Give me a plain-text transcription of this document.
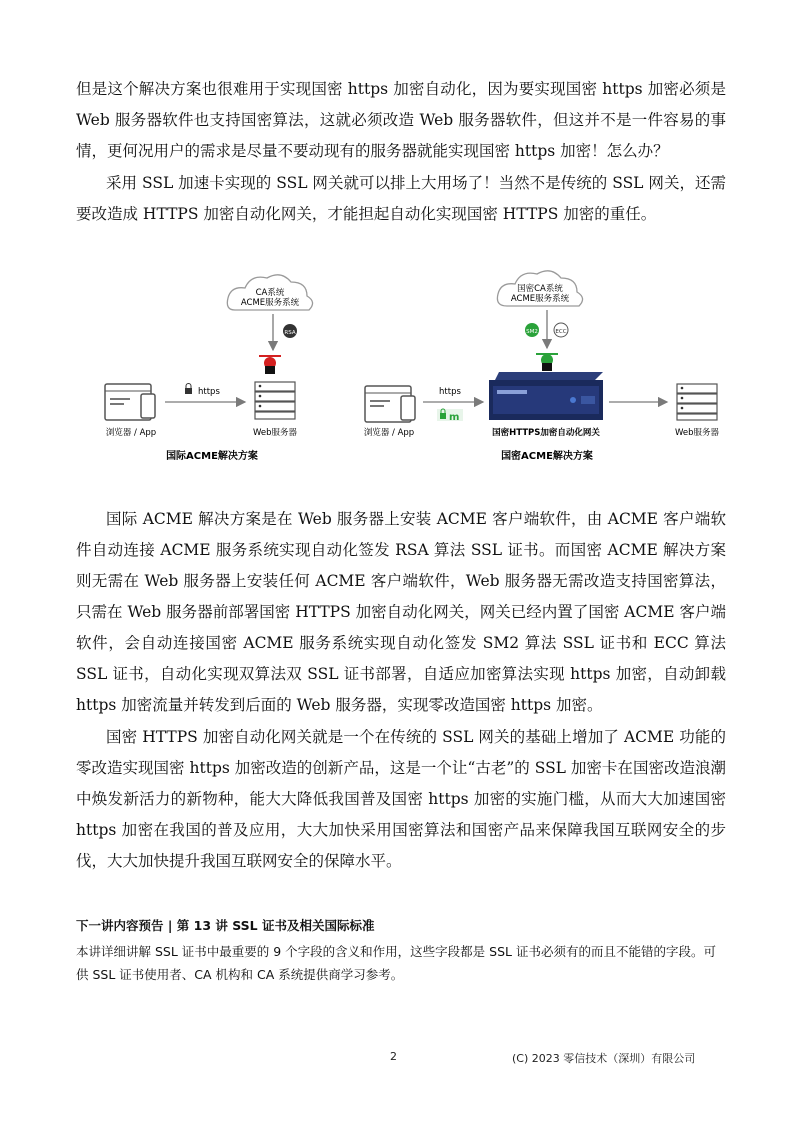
但是这个解决方案也很难用于实现国密 https 加密自动化，因为要实现国密 https 加密必须是 Web 服务器软件也支持国密算法，这就必须改造 Web 服务器软件，但这并不是一件容易的事情，更何况用户的需求是尽量不要动现有的服务器就能实现国密 https 加密！怎么办？

采用 SSL 加速卡实现的 SSL 网关就可以排上大用场了！当然不是传统的 SSL 网关，还需要改造成 HTTPS 加密自动化网关，才能担起自动化实现国密 HTTPS 加密的重任。

CA系统
ACME服务系统
RSA
浏览器 / App
https
Web服务器
国际ACME解决方案
国密CA系统
ACME服务系统
SM2	ECC
浏览器 / App
https
m
国密HTTPS加密自动化网关	Web服务器
国密ACME解决方案

国际 ACME 解决方案是在 Web 服务器上安装 ACME 客户端软件，由 ACME 客户端软件自动连接 ACME 服务系统实现自动化签发 RSA 算法 SSL 证书。而国密 ACME 解决方案则无需在 Web 服务器上安装任何 ACME 客户端软件，Web 服务器无需改造支持国密算法，只需在 Web 服务器前部署国密 HTTPS 加密自动化网关，网关已经内置了国密 ACME 客户端软件，会自动连接国密 ACME 服务系统实现自动化签发 SM2 算法 SSL 证书和 ECC 算法 SSL 证书，自动化实现双算法双 SSL 证书部署，自适应加密算法实现 https 加密，自动卸载 https 加密流量并转发到后面的 Web 服务器，实现零改造国密 https 加密。

国密 HTTPS 加密自动化网关就是一个在传统的 SSL 网关的基础上增加了 ACME 功能的零改造实现国密 https 加密改造的创新产品，这是一个让“古老”的 SSL 加密卡在国密改造浪潮中焕发新活力的新物种，能大大降低我国普及国密 https 加密的实施门槛，从而大大加速国密 https 加密在我国的普及应用，大大加快采用国密算法和国密产品来保障我国互联网安全的步伐，大大加快提升我国互联网安全的保障水平。

下一讲内容预告 | 第 13 讲 SSL 证书及相关国际标准
本讲详细讲解 SSL 证书中最重要的 9 个字段的含义和作用，这些字段都是 SSL 证书必须有的而且不能错的字段。可供 SSL 证书使用者、CA 机构和 CA 系统提供商学习参考。
2	(C) 2023 零信技术（深圳）有限公司
